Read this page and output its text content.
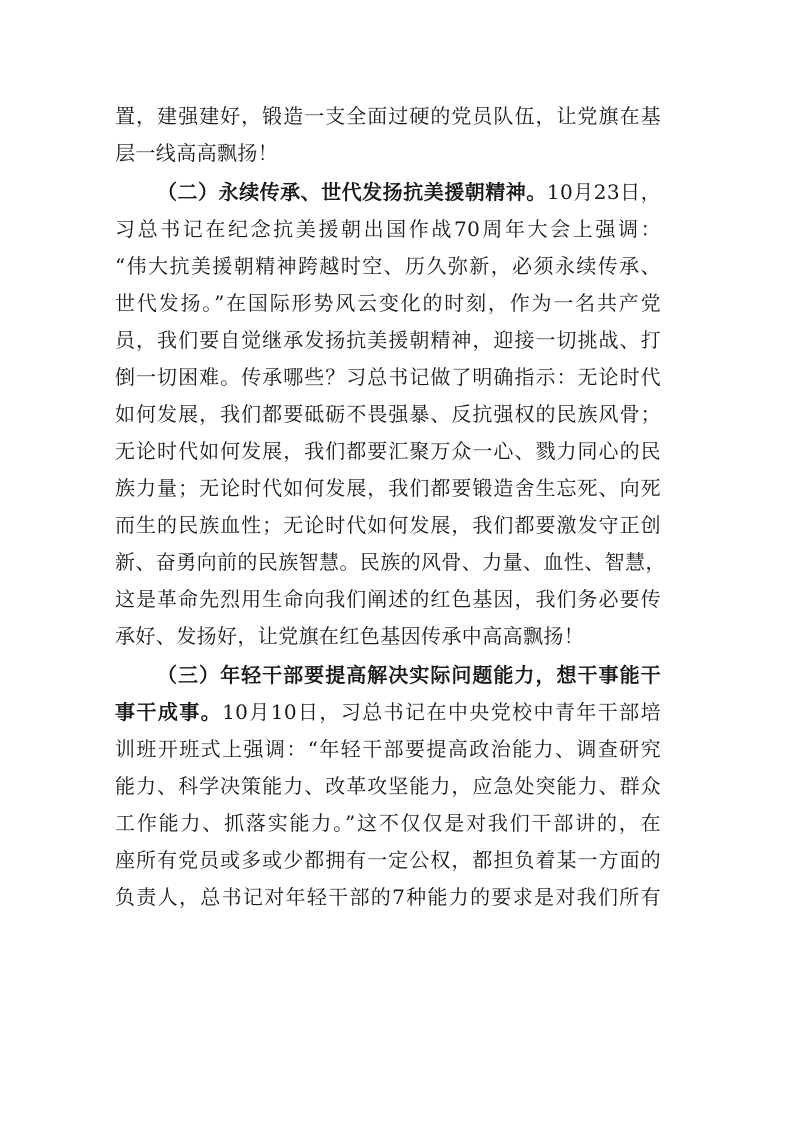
置，建强建好，锻造一支全面过硬的党员队伍，让党旗在基

层一线高高飘扬！

（二）永续传承、世代发扬抗美援朝精神。10月23日，

习总书记在纪念抗美援朝出国作战70周年大会上强调：

“伟大抗美援朝精神跨越时空、历久弥新，必须永续传承、

世代发扬。”在国际形势风云变化的时刻，作为一名共产党

员，我们要自觉继承发扬抗美援朝精神，迎接一切挑战、打

倒一切困难。传承哪些？习总书记做了明确指示：无论时代

如何发展，我们都要砥砺不畏强暴、反抗强权的民族风骨；

无论时代如何发展，我们都要汇聚万众一心、戮力同心的民

族力量；无论时代如何发展，我们都要锻造舍生忘死、向死

而生的民族血性；无论时代如何发展，我们都要激发守正创

新、奋勇向前的民族智慧。民族的风骨、力量、血性、智慧，

这是革命先烈用生命向我们阐述的红色基因，我们务必要传

承好、发扬好，让党旗在红色基因传承中高高飘扬！

（三）年轻干部要提高解决实际问题能力，想干事能干

事干成事。10月10日，习总书记在中央党校中青年干部培

训班开班式上强调：“年轻干部要提高政治能力、调查研究

能力、科学决策能力、改革攻坚能力，应急处突能力、群众

工作能力、抓落实能力。”这不仅仅是对我们干部讲的，在

座所有党员或多或少都拥有一定公权，都担负着某一方面的

负责人，总书记对年轻干部的7种能力的要求是对我们所有
